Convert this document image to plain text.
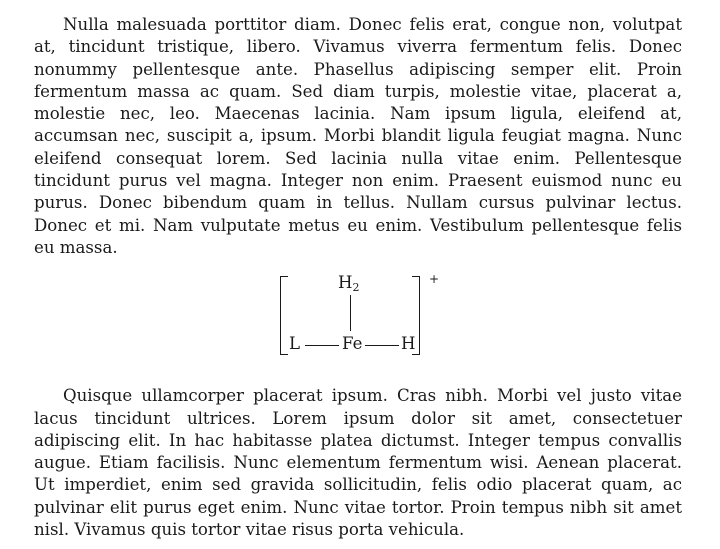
Nulla malesuada porttitor diam. Donec felis erat, congue non, volutpat at, tincidunt tristique, libero. Vivamus viverra fermentum felis. Donec nonummy pellentesque ante. Phasellus adipiscing semper elit. Proin fermentum massa ac quam. Sed diam turpis, molestie vitae, placerat a, molestie nec, leo. Maecenas lacinia. Nam ipsum ligula, eleifend at, accumsan nec, suscipit a, ipsum. Morbi blandit ligula feugiat magna. Nunc eleifend consequat lorem. Sed lacinia nulla vitae enim. Pellentesque tincidunt purus vel magna. Integer non enim. Praesent euismod nunc eu purus. Donec bibendum quam in tellus. Nullam cursus pulvinar lectus. Donec et mi. Nam vulputate metus eu enim. Vestibulum pellentesque felis eu massa.

$H_2$
L	Fe H
+

Quisque ullamcorper placerat ipsum. Cras nibh. Morbi vel justo vitae lacus tincidunt ultrices. Lorem ipsum dolor sit amet, consectetuer adipiscing elit. In hac habitasse platea dictumst. Integer tempus convallis augue. Etiam facilisis. Nunc elementum fermentum wisi. Aenean placerat. Ut imperdiet, enim sed gravida sollicitudin, felis odio placerat quam, ac pulvinar elit purus eget enim. Nunc vitae tortor. Proin tempus nibh sit amet nisl. Vivamus quis tortor vitae risus porta vehicula.
